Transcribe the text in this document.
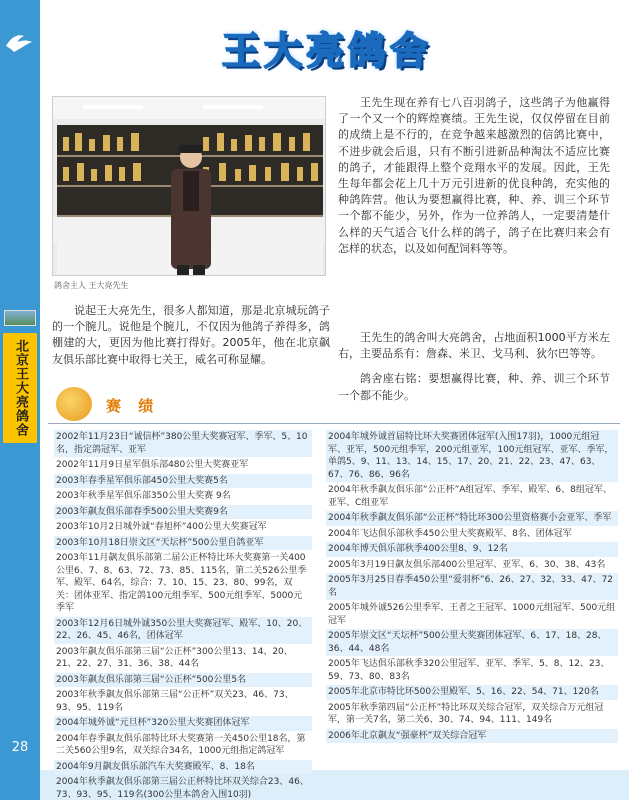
北京王大亮鸽舍
28
王大亮鸽舍
鸽舍主人 王大亮先生

王先生现在养有七八百羽鸽子，这些鸽子为他赢得了一个又一个的辉煌赛绩。王先生说，仅仅停留在目前的成绩上是不行的，在竞争越来越激烈的信鸽比赛中，不进步就会后退，只有不断引进新品种淘汰不适应比赛的鸽子，才能跟得上整个竞翔水平的发展。因此，王先生每年都会花上几十万元引进新的优良种鸽，充实他的种鸽阵营。他认为要想赢得比赛，种、养、训三个环节一个都不能少，另外，作为一位养鸽人，一定要清楚什么样的天气适合飞什么样的鸽子，鸽子在比赛归来会有怎样的状态，以及如何配饲料等等。

说起王大亮先生，很多人都知道，那是北京城玩鸽子的一个腕儿。说他是个腕儿，不仅因为他鸽子养得多，鸽棚建的大，更因为他比赛打得好。2005年，他在北京飙友俱乐部比赛中取得七关王，威名可称显耀。

王先生的鸽舍叫大亮鸽舍，占地面积1000平方米左右，主要品系有：詹森、米卫、戈马利、狄尔巴等等。

鸽舍座右铭：要想赢得比赛，种、养、训三个环节一个都不能少。

赛 绩
2002年11月23日“诚信杯”380公里大奖赛冠军、季军、5、10名，指定鸽冠军、亚军
2002年11月9日星军俱乐部480公里大奖赛亚军
2003年春季星军俱乐部450公里大奖赛5名
2003年秋季星军俱乐部350公里大奖赛 9名
2003年飙友俱乐部春季500公里大奖赛9名
2003年10月2日城外诚“春旭杯”400公里大奖赛冠军
2003年10月18日崇文区“天坛杯”500公里自鸽亚军
2003年11月飙友俱乐部第二届公正杯特比环大奖赛第一关400公里6、7、8、63、72、73、85、115名，第二关526公里季军、殿军、64名，综合：7、10、15、23、80、99名，双关：团体亚军、指定鸽100元组季军、500元组季军、5000元季军
2003年12月6日城外诚350公里大奖赛冠军、殿军、10、20、22、26、45、46名，团体冠军
2003年飙友俱乐部第三届“公正杯”300公里13、14、20、21、22、27、31、36、38、44名
2003年飙友俱乐部第三届“公正杯”500公里5名
2003年秋季飙友俱乐部第三届“公正杯”双关23、46、73、93、95、119名
2004年城外诚“元旦杯”320公里大奖赛团体冠军
2004年春季飙友俱乐部特比环大奖赛第一关450公里18名，第二关560公里9名，双关综合34名，1000元组指定鸽冠军
2004年9月飙友俱乐部汽车大奖赛殿军、8、18名
2004年秋季飙友俱乐部第三届公正杯特比环双关综合23、46、73、93、95、119名(300公里本鸽舍入围10羽)
2004年城外诚首届特比环大奖赛团体冠军(入围17羽)，1000元组冠军、亚军，500元组季军，200元组亚军，100元组冠军、亚军、季军，单鸽5、9、11、13、14、15、17、20、21、22、23、47、63、67、76、86、96名
2004年秋季飙友俱乐部“公正杯”A组冠军、季军、殿军、6、8组冠军、亚军、C组亚军
2004年秋季飙友俱乐部“公正杯”特比环300公里资格赛小会亚军、季军
2004年飞达俱乐部秋季450公里大奖赛殿军、8名、团体冠军
2004年博天俱乐部秋季400公里8、9、12名
2005年3月19日飙友俱乐部400公里冠军、亚军、6、30、38、43名
2005年3月25日春季450公里“爱羽杯”6、26、27、32、33、47、72名
2005年城外诚526公里季军、王者之王冠军、1000元组冠军、500元组冠军
2005年崇文区“天坛杯”500公里大奖赛团体冠军、6、17、18、28、36、44、48名
2005年飞达俱乐部秋季320公里冠军、亚军、季军、5、8、12、23、59、73、80、83名
2005年北京市特比环500公里殿军、5、16、22、54、71、120名
2005年秋季第四届“公正杯”特比环双关综合冠军，双关综合万元组冠军，第一关7名，第二关6、30、74、94、111、149名
2006年北京飙友“强豪杯”双关综合冠军
